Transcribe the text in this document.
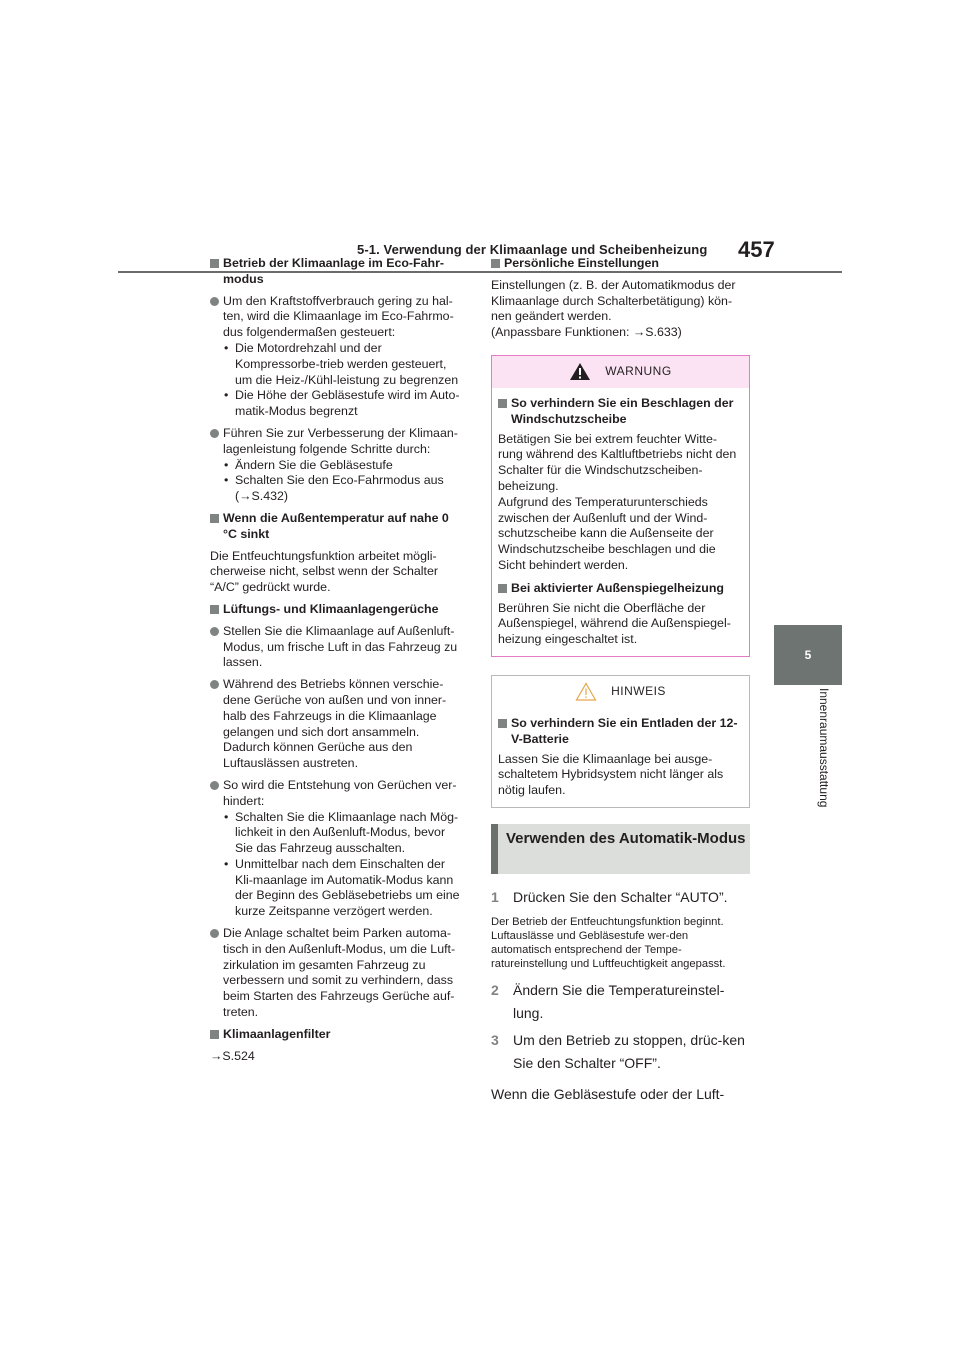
5-1. Verwendung der Klimaanlage und Scheibenheizung 457
5
Innenraumausstattung
Betrieb der Klimaanlage im Eco-Fahr-modus
Um den Kraftstoffverbrauch gering zu hal-ten, wird die Klimaanlage im Eco-Fahrmo-dus folgendermaßen gesteuert:
• Die Motordrehzahl und der Kompressorbe-trieb werden gesteuert, um die Heiz-/Kühl-leistung zu begrenzen
• Die Höhe der Gebläsestufe wird im Auto-matik-Modus begrenzt
Führen Sie zur Verbesserung der Klimaan-lagenleistung folgende Schritte durch:
• Ändern Sie die Gebläsestufe
• Schalten Sie den Eco-Fahrmodus aus (→S.432)
Wenn die Außentemperatur auf nahe 0 °C sinkt
Die Entfeuchtungsfunktion arbeitet mögli-cherweise nicht, selbst wenn der Schalter “A/C” gedrückt wurde.
Lüftungs- und Klimaanlagengerüche
Stellen Sie die Klimaanlage auf Außenluft-Modus, um frische Luft in das Fahrzeug zu lassen.
Während des Betriebs können verschie-dene Gerüche von außen und von inner-halb des Fahrzeugs in die Klimaanlage gelangen und sich dort ansammeln. Dadurch können Gerüche aus den Luftauslässen austreten.
So wird die Entstehung von Gerüchen ver-hindert:
• Schalten Sie die Klimaanlage nach Mög-lichkeit in den Außenluft-Modus, bevor Sie das Fahrzeug ausschalten.
• Unmittelbar nach dem Einschalten der Kli-maanlage im Automatik-Modus kann der Beginn des Gebläsebetriebs um eine kurze Zeitspanne verzögert werden.
Die Anlage schaltet beim Parken automa-tisch in den Außenluft-Modus, um die Luft-zirkulation im gesamten Fahrzeug zu verbessern und somit zu verhindern, dass beim Starten des Fahrzeugs Gerüche auf-treten.
Klimaanlagenfilter
→S.524
Persönliche Einstellungen
Einstellungen (z. B. der Automatikmodus der Klimaanlage durch Schalterbetätigung) kön-nen geändert werden.
(Anpassbare Funktionen: →S.633)
WARNUNG
So verhindern Sie ein Beschlagen der Windschutzscheibe
Betätigen Sie bei extrem feuchter Witte-rung während des Kaltluftbetriebs nicht den Schalter für die Windschutzscheiben-beheizung.
Aufgrund des Temperaturunterschieds zwischen der Außenluft und der Wind-schutzscheibe kann die Außenseite der Windschutzscheibe beschlagen und die Sicht behindert werden.
Bei aktivierter Außenspiegelheizung
Berühren Sie nicht die Oberfläche der Außenspiegel, während die Außenspiegel-heizung eingeschaltet ist.
HINWEIS
So verhindern Sie ein Entladen der 12-V-Batterie
Lassen Sie die Klimaanlage bei ausge-schaltetem Hybridsystem nicht länger als nötig laufen.
Verwenden des Automatik-Modus
1	Drücken Sie den Schalter “AUTO”.
Der Betrieb der Entfeuchtungsfunktion beginnt. Luftauslässe und Gebläsestufe wer-den automatisch entsprechend der Tempe-ratureinstellung und Luftfeuchtigkeit angepasst.
2	Ändern Sie die Temperatureinstel-lung.
3	Um den Betrieb zu stoppen, drüc-ken Sie den Schalter “OFF”.
Wenn die Gebläsestufe oder der Luft-
